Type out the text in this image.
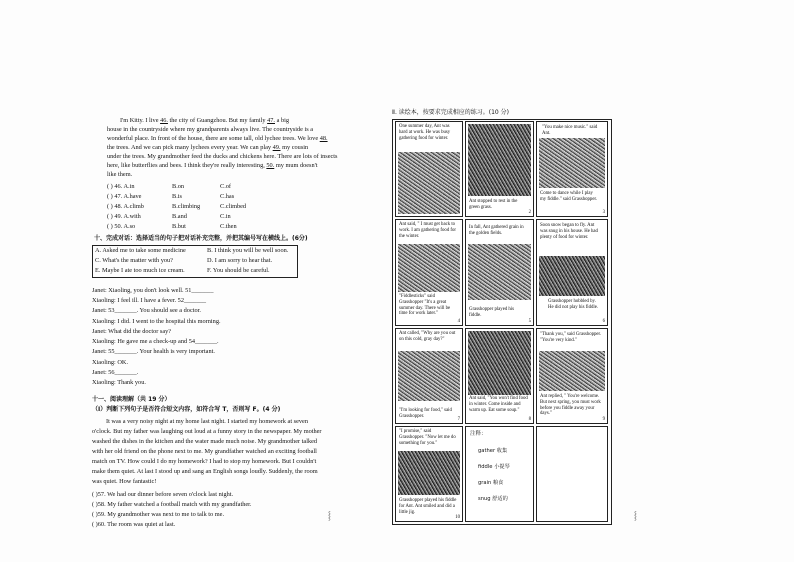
I'm Kitty. I live 46. the city of Guangzhou. But my family 47. a big
house in the countryside where my grandparents always live. The countryside is a
wonderful place. In front of the house, there are some tall, old lychee trees. We love 48.
the trees. And we can pick many lychees every year. We can play 49. my cousin
under the trees. My grandmother feed the ducks and chickens here. There are lots of insects
here, like butterflies and bees. I think they're really interesting, 50. my mum doesn't
like them.
( ) 46. A.in	B.on	C.of
( ) 47. A.have	B.is	C.has
( ) 48. A.climb	B.climbing	C.climbed
( ) 49. A.with	B.and	C.in
( ) 50. A.so	B.but	C.then
十、完成对话：选择适当的句子把对话补充完整，并把其编号写在横线上。(6分)
A. Asked me to take some medicine	B. I think you will be well soon.
C. What's the matter with you?	D. I am sorry to hear that.
E. Maybe I ate too much ice cream.	F. You should be careful.
Janet: Xiaoling, you don't look well. 51_______
Xiaoling: I feel ill. I have a fever. 52_______
Janet: 53_______. You should see a doctor.
Xiaoling: I did. I went to the hospital this morning.
Janet: What did the doctor say?
Xiaoling: He gave me a check-up and 54_______.
Janet: 55_______. Your health is very important.
Xiaoling: OK.
Janet: 56_______.
Xiaoling: Thank you.
十一、阅读理解（共 19 分）
（Ⅰ）判断下列句子是否符合短文内容，如符合写 T，否则写 F。(4 分)
It was a very noisy night at my home last night. I started my homework at seven
o'clock. But my father was laughing out loud at a funny story in the newspaper. My mother
washed the dishes in the kitchen and the water made much noise. My grandmother talked
with her old friend on the phone next to me. My grandfather watched an exciting football
match on TV. How could I do my homework? I had to stop my homework. But I couldn't
make them quiet. At last I stood up and sang an English songs loudly. Suddenly, the room
was quiet. How fantastic!
( )57. We had our dinner before seven o'clock last night.
( )58. My father watched a football match with my grandfather.
( )59. My grandmother was next to me to talk to me.
( )60. The room was quiet at last.
⸾	⸾
Ⅱ. 读绘本，按要求完成相应的练习。(10 分)
One summer day, Ant was hard at work. He was busy gathering food for winter.
1
Ant stopped to rest in the green grass.
2
"You make nice music." said Ant.
Come to dance while I play my fiddle." said Grasshopper.
3
Ant said, " I must get back to work. I am gathering food for the winter.
"Fiddlesticks" said Grasshopper "It's a great summer day. There will be time for work later."
4
In fall, Ant gathered grain in the golden fields.
Grasshopper played his fiddle.
5
Soon snow began to fly. Ant was snug in his house. He had plenty of food for winter.
Grasshopper hobbled by. He did not play his fiddle.
6
Ant called, "Why are you out on this cold, gray day?"
"I'm looking for food," said Grasshopper.
7
Ant said, "You won't find food in winter. Come inside and warm up. Eat some soup."
8
"Thank you," said Grasshopper. "You're very kind."
Ant replied, " You're welcome. But next spring, you must work before you fiddle away your days."
9
"I promise," said Grasshopper. "Now let me do something for you."
Grasshopper played his fiddle for Ant. Ant smiled and did a little jig.
10
注释：
gather 收集
fiddle 小提琴
grain 粮食
snug 舒适的
